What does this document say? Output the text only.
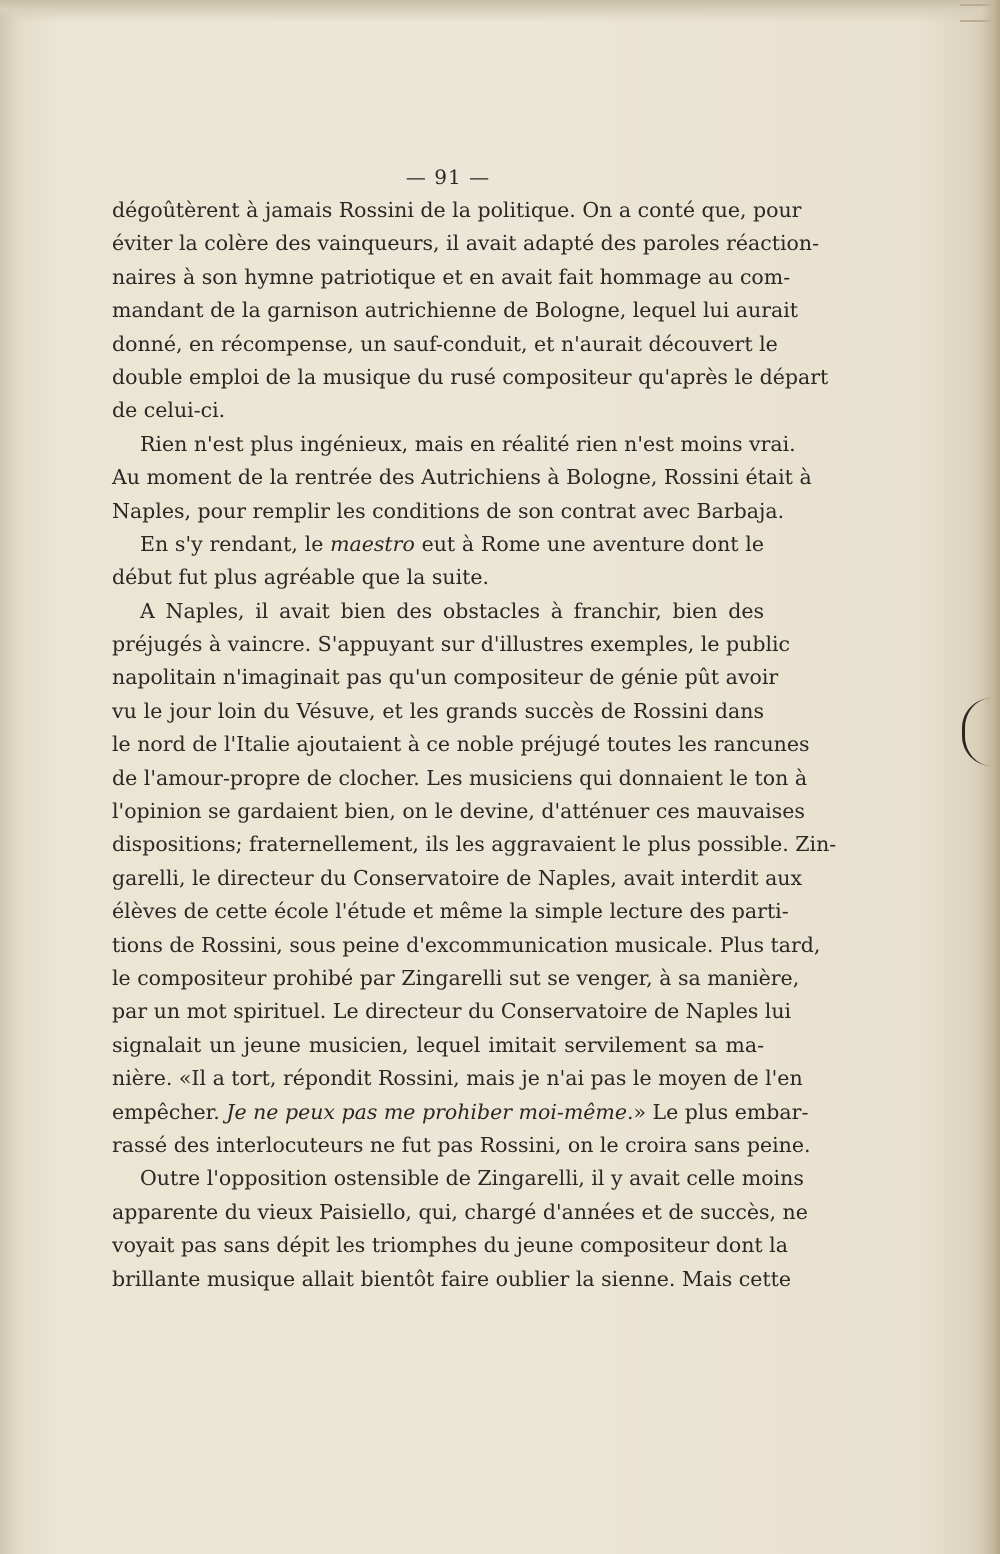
— 91 —
dégoûtèrent à jamais Rossini de la politique. On a conté que, pour
éviter la colère des vainqueurs, il avait adapté des paroles réaction-
naires à son hymne patriotique et en avait fait hommage au com-
mandant de la garnison autrichienne de Bologne, lequel lui aurait
donné, en récompense, un sauf-conduit, et n'aurait découvert le
double emploi de la musique du rusé compositeur qu'après le départ
de celui-ci.
Rien n'est plus ingénieux, mais en réalité rien n'est moins vrai.
Au moment de la rentrée des Autrichiens à Bologne, Rossini était à
Naples, pour remplir les conditions de son contrat avec Barbaja.
En s'y rendant, le maestro eut à Rome une aventure dont le
début fut plus agréable que la suite.
A Naples, il avait bien des obstacles à franchir, bien des
préjugés à vaincre. S'appuyant sur d'illustres exemples, le public
napolitain n'imaginait pas qu'un compositeur de génie pût avoir
vu le jour loin du Vésuve, et les grands succès de Rossini dans
le nord de l'Italie ajoutaient à ce noble préjugé toutes les rancunes
de l'amour-propre de clocher. Les musiciens qui donnaient le ton à
l'opinion se gardaient bien, on le devine, d'atténuer ces mauvaises
dispositions; fraternellement, ils les aggravaient le plus possible. Zin-
garelli, le directeur du Conservatoire de Naples, avait interdit aux
élèves de cette école l'étude et même la simple lecture des parti-
tions de Rossini, sous peine d'excommunication musicale. Plus tard,
le compositeur prohibé par Zingarelli sut se venger, à sa manière,
par un mot spirituel. Le directeur du Conservatoire de Naples lui
signalait un jeune musicien, lequel imitait servilement sa ma-
nière. «Il a tort, répondit Rossini, mais je n'ai pas le moyen de l'en
empêcher. Je ne peux pas me prohiber moi-même.» Le plus embar-
rassé des interlocuteurs ne fut pas Rossini, on le croira sans peine.
Outre l'opposition ostensible de Zingarelli, il y avait celle moins
apparente du vieux Paisiello, qui, chargé d'années et de succès, ne
voyait pas sans dépit les triomphes du jeune compositeur dont la
brillante musique allait bientôt faire oublier la sienne. Mais cette
